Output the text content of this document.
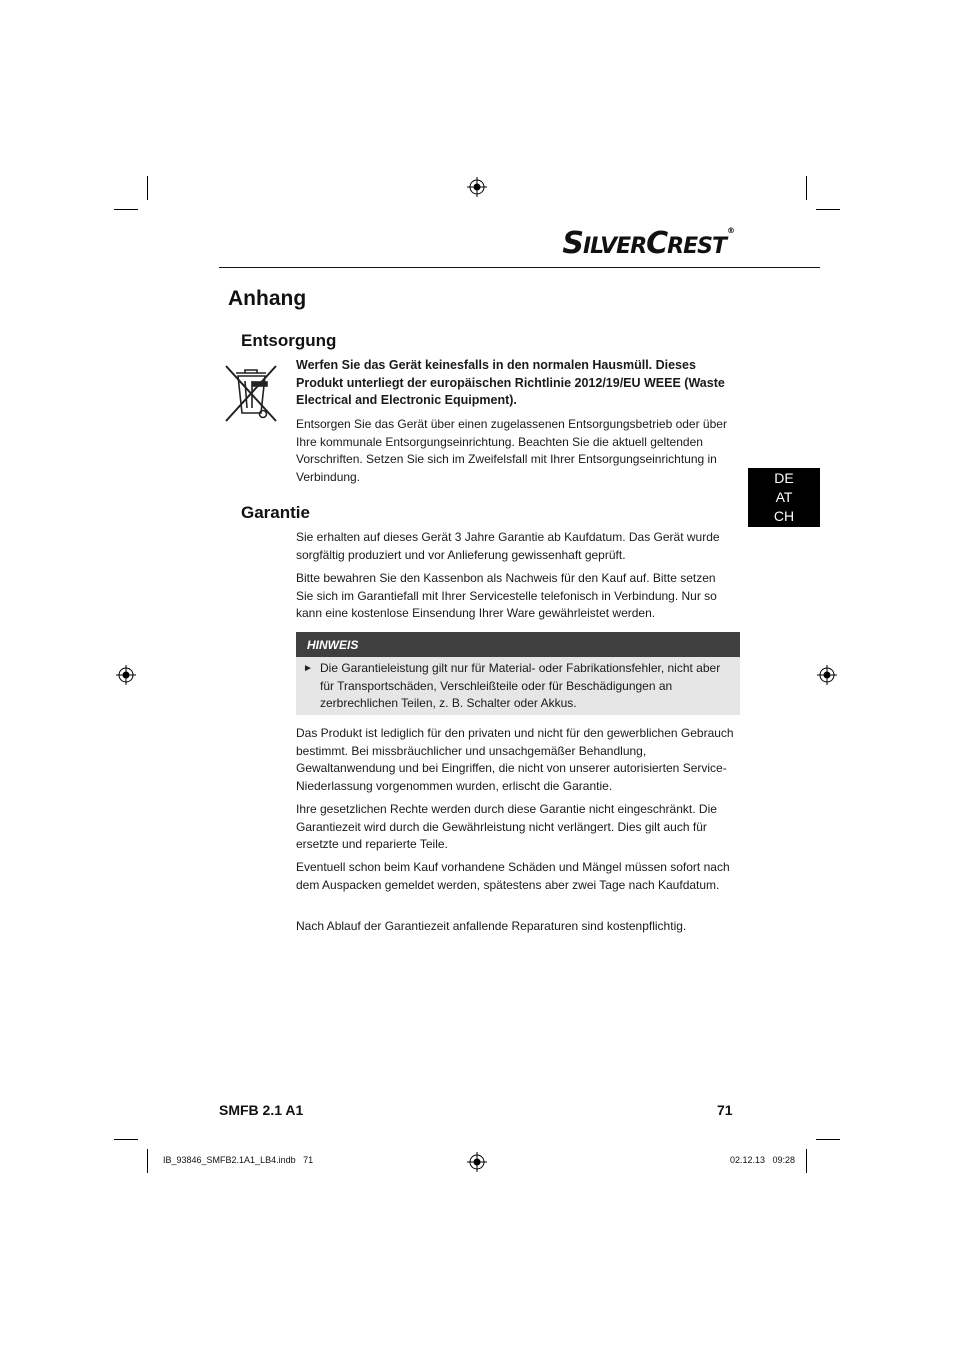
SILVERCREST®
Anhang
Entsorgung

Werfen Sie das Gerät keinesfalls in den normalen Hausmüll. Dieses Produkt unterliegt der europäischen Richtlinie 2012/19/EU WEEE (Waste Electrical and Electronic Equipment).

Entsorgen Sie das Gerät über einen zugelassenen Entsorgungsbetrieb oder über Ihre kommunale Entsorgungseinrichtung. Beachten Sie die aktuell geltenden Vorschriften. Setzen Sie sich im Zweifelsfall mit Ihrer Entsorgungseinrichtung in Verbindung.	DE
AT
CH
Garantie

Sie erhalten auf dieses Gerät 3 Jahre Garantie ab Kaufdatum. Das Gerät wurde sorgfältig produziert und vor Anlieferung gewissenhaft geprüft.

Bitte bewahren Sie den Kassenbon als Nachweis für den Kauf auf. Bitte setzen Sie sich im Garantiefall mit Ihrer Servicestelle telefonisch in Verbindung. Nur so kann eine kostenlose Einsendung Ihrer Ware gewährleistet werden.

HINWEIS
► Die Garantieleistung gilt nur für Material- oder Fabrikationsfehler, nicht aber für Transportschäden, Verschleißteile oder für Beschädigungen an zerbrechlichen Teilen, z. B. Schalter oder Akkus.

Das Produkt ist lediglich für den privaten und nicht für den gewerblichen Gebrauch bestimmt. Bei missbräuchlicher und unsachgemäßer Behandlung, Gewaltanwendung und bei Eingriffen, die nicht von unserer autorisierten Service-Niederlassung vorgenommen wurden, erlischt die Garantie.

Ihre gesetzlichen Rechte werden durch diese Garantie nicht eingeschränkt. Die Garantiezeit wird durch die Gewährleistung nicht verlängert. Dies gilt auch für ersetzte und reparierte Teile.

Eventuell schon beim Kauf vorhandene Schäden und Mängel müssen sofort nach dem Auspacken gemeldet werden, spätestens aber zwei Tage nach Kaufdatum.

Nach Ablauf der Garantiezeit anfallende Reparaturen sind kostenpflichtig.

SMFB 2.1 A1	71
IB_93846_SMFB2.1A1_LB4.indb   71	02.12.13   09:28
